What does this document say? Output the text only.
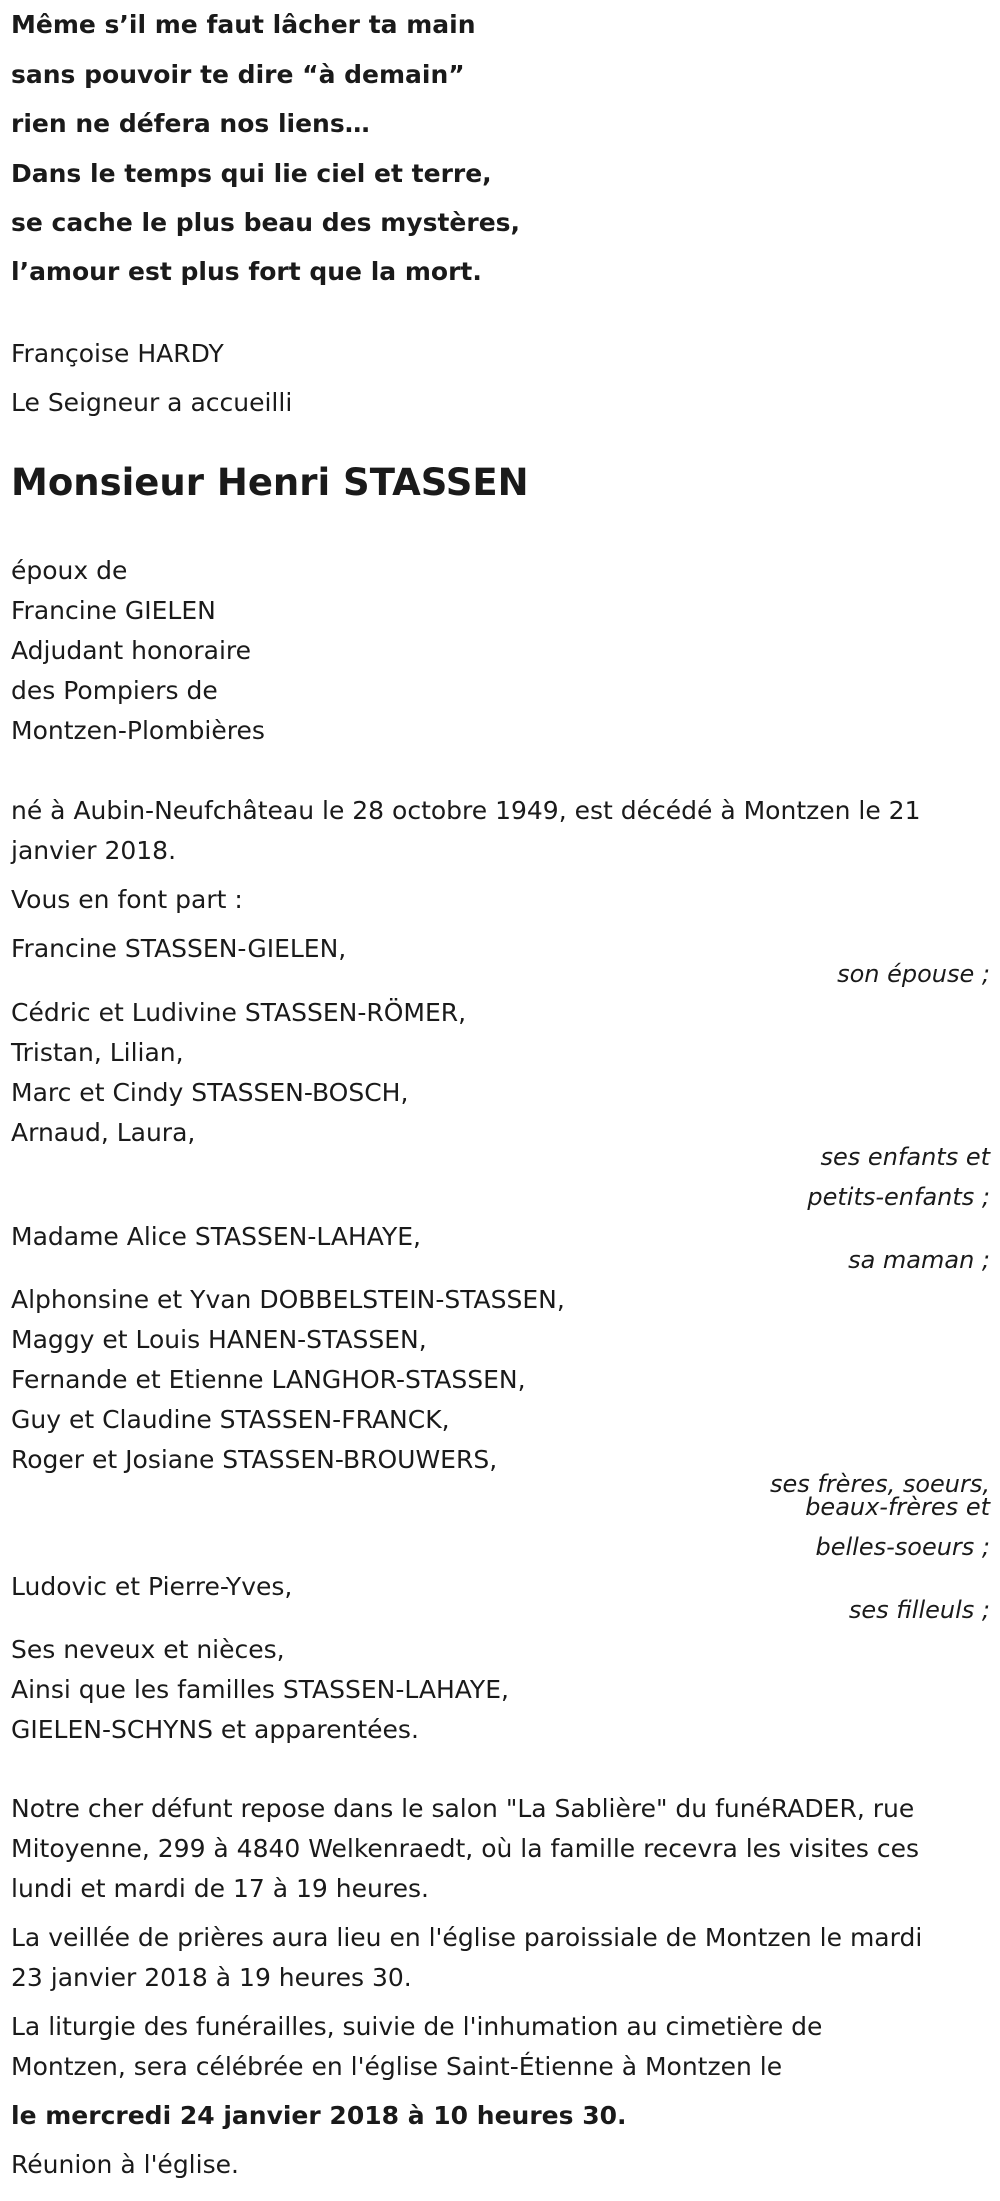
Même s’il me faut lâcher ta main
sans pouvoir te dire “à demain”
rien ne défera nos liens…
Dans le temps qui lie ciel et terre,
se cache le plus beau des mystères,
l’amour est plus fort que la mort.
Françoise HARDY
Le Seigneur a accueilli
Monsieur Henri STASSEN
époux de
Francine GIELEN
Adjudant honoraire
des Pompiers de
Montzen-Plombières
né à Aubin-Neufchâteau le 28 octobre 1949, est décédé à Montzen le 21
janvier 2018.
Vous en font part :
Francine STASSEN-GIELEN,
son épouse ;
Cédric et Ludivine STASSEN-RÖMER,
Tristan, Lilian,
Marc et Cindy STASSEN-BOSCH,
Arnaud, Laura,
ses enfants et
petits-enfants ;
Madame Alice STASSEN-LAHAYE,
sa maman ;
Alphonsine et Yvan DOBBELSTEIN-STASSEN,
Maggy et Louis HANEN-STASSEN,
Fernande et Etienne LANGHOR-STASSEN,
Guy et Claudine STASSEN-FRANCK,
Roger et Josiane STASSEN-BROUWERS,
ses frères, soeurs,
beaux-frères et
belles-soeurs ;
Ludovic et Pierre-Yves,
ses filleuls ;
Ses neveux et nièces,
Ainsi que les familles STASSEN-LAHAYE,
GIELEN-SCHYNS et apparentées.
Notre cher défunt repose dans le salon "La Sablière" du funéRADER, rue
Mitoyenne, 299 à 4840 Welkenraedt, où la famille recevra les visites ces
lundi et mardi de 17 à 19 heures.
La veillée de prières aura lieu en l'église paroissiale de Montzen le mardi
23 janvier 2018 à 19 heures 30.
La liturgie des funérailles, suivie de l'inhumation au cimetière de
Montzen, sera célébrée en l'église Saint-Étienne à Montzen le
le mercredi 24 janvier 2018 à 10 heures 30.
Réunion à l'église.
